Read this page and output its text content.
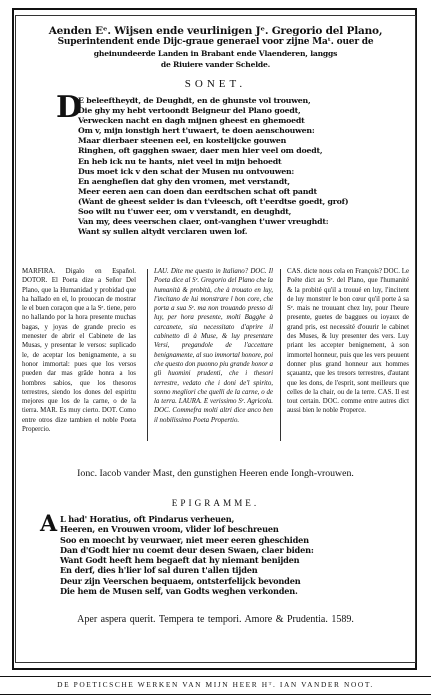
Aenden Eᵉ. Wijsen ende veurlinigen Jᵉ. Gregorio del Plano,
Superintendent ende Dijc-graue generael voor zijne Maᵗ. ouer de
gheinundeerde Landen in Brabant ende Vlaenderen, langgs
de Riuiere vander Schelde.
SONET.
D
E beleeftheydt, de Deughdt, en de ghunste vol trouwen,
Die ghy my hebt vertoondt Beigneur del Plano goedt,
Verwecken nacht en dagh mijnen gheest en ghemoedt
Om v, mijn ionstigh hert t'uwaert, te doen aenschouwen:
Maar dierbaer steenen eel, en kostelijcke gouwen
Ringhen, oft gagghen swaer, daer men hier veel om doedt,
En heb ick nu te hants, niet veel in mijn behoedt
Dus moet ick v den schat der Musen nu ontvouwen:
En aengheſien dat ghy den vromen, met verstandt,
Meer eeren aen can doen dan eerdtschen schat oft pandt
(Want de gheest selder is dan t'vleesch, oft t'eerdtse goedt, grof)
Soo wilt nu t'uwer eer, om v verstandt, en deughdt,
Van my, dees veerschen claer, ont-vanghen t'uwer vreughdt:
Want sy sullen altydt verclaren uwen lof.
MARFIRA. Digalo en Español. DOTOR. El Poeta dize a Señor Del Plano, que la Humanidad y probidad que ha hallado en el, lo prouocan de mostrar le el buen coraçon que a la Sᵉ. tiene, pero no hallando por la hora presente muchas bagas, y joyas de grande precio es menester de abrir el Cabinete de las Musas, y presentar le versos: suplicado le, de aceptar los benignamente, a su honor immortal: pues que los versos pueden dar mas grãde honra a los hombres sabios, que los thesoros terrestres, siendo los dones del espiritu mejores que los de la carne, o de la tierra. MAR. Es muy cierto. DOT. Como entre otros dize tambien el noble Poeta Propercio.
LAU. Dite me questo in Italiano? DOC. Il Poeta dice al Sᵉ. Gregorio del Plano che la humanità & probità, che à trouato en luy, l'incitano de lui monstrare l bon core, che porta a sua Sᵉ. ma non trouando presso di luy, per hora presente, molti Bagghe à carcanete, sia necessitato d'aprire il cabinetto di à Muse, & luy presentare Versi, pregandole de l'accettare benignamente, al suo immortal honore, poi che questo don puonno piu grande honor a gli huomini prudenti, che i thesori terrestre, vedato che i doni de'l spirito, sonno megliori che quelli de la carne, o de la terra. LAURA. E verissimo Sᵉ. Agricola. DOC. Commefra molti altri dice anco ben il nobilissimo Poeta Propertio.
CAS. dicte nous cela en François? DOC. Le Poëte dict au Sᵉ. del Plano, que l'humanité & la probité qu'il a trouué en luy, l'incitent de luy monstrer le bon cœur qu'il porte à sa Sᵉ. mais ne trouuant chez luy, pour l'heure presente, guetes de baggues ou ioyaux de grand pris, est necessité d'ouurir le cabinet des Muses, & luy presenter des vers. Luy priant les accepter benignement, à son immortel honneur, puis que les vers peuuent donner plus grand honneur aux hommes sçauantz, que les tresors terrestres, d'autant que les dons, de l'esprit, sont meilleurs que celles de la chair, ou de la terre. CAS. Il est tout certain. DOC. comme entre autres dict aussi bien le noble Properce.
Ionc. Iacob vander Mast, den gunstighen Heeren ende Iongh-vrouwen.
EPIGRAMME.
A L had' Horatius, oft Pindarus verheuen,
Heeren, en Vrouwen vroom, vlider lof beschreuen
Soo en moecht by veurwaer, niet meer eeren gheschiden
Dan d'Godt hier nu coemt deur desen Swaen, claer biden:
Want Godt heeft hem begaeft dat hy niemant benijden
En derf, dies h'lier lof sal duren t'allen tijden
Deur zijn Veerschen bequaem, ontsterfelijck bevonden
Die hem de Musen self, van Godts weghen verkonden.
Aper aspera querit. Tempera te tempori. Amore & Prudentia. 1589.
DE POETICSCHE WERKEN VAN MIJN HEER Hᵀ. IAN VANDER NOOT.
